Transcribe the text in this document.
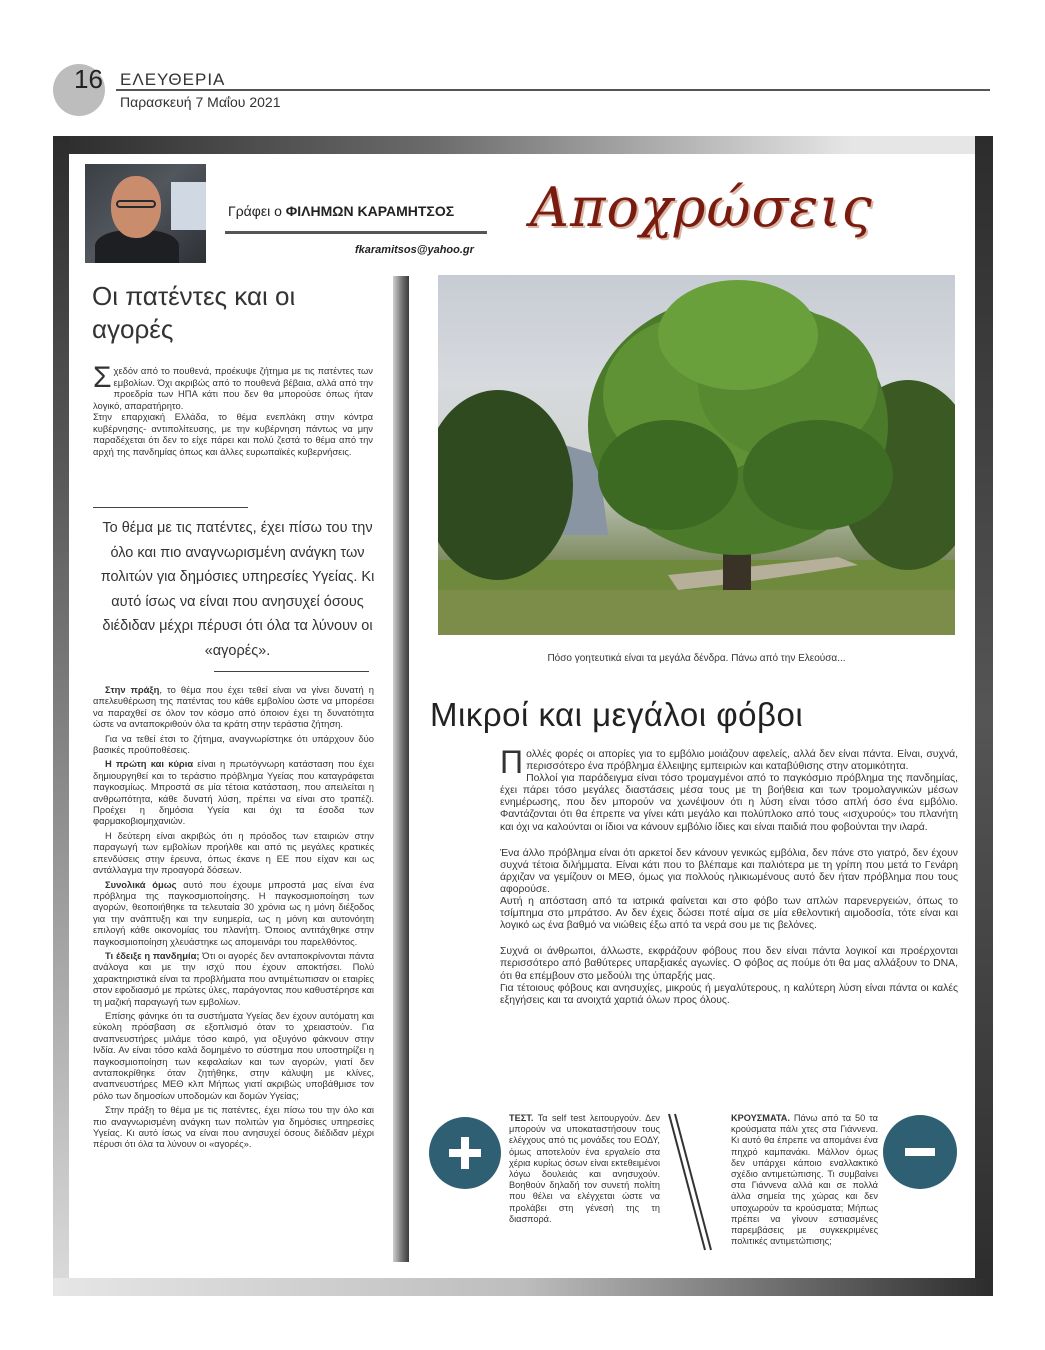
16 ΕΛΕΥΘΕΡΙΑ
Παρασκευή 7 Μαΐου 2021
Γράφει ο ΦΙΛΗΜΩΝ ΚΑΡΑΜΗΤΣΟΣ
fkaramitsos@yahoo.gr
Αποχρώσεις
Οι πατέντες και οι αγορές
Σχεδόν από το πουθενά, προέκυψε ζήτημα με τις πατέντες των εμβολίων. Όχι ακριβώς από το πουθενά βέβαια, αλλά από την προεδρία των ΗΠΑ κάτι που δεν θα μπορούσε όπως ήταν λογικό, απαρατήρητο.
Στην επαρχιακή Ελλάδα, το θέμα ενεπλάκη στην κόντρα κυβέρνησης- αντιπολίτευσης, με την κυβέρνηση πάντως να μην παραδέχεται ότι δεν το είχε πάρει και πολύ ζεστά το θέμα από την αρχή της πανδημίας όπως και άλλες ευρωπαϊκές κυβερνήσεις.
Το θέμα με τις πατέντες, έχει πίσω του την όλο και πιο αναγνωρισμένη ανάγκη των πολιτών για δημόσιες υπηρεσίες Υγείας. Κι αυτό ίσως να είναι που ανησυχεί όσους διέδιδαν μέχρι πέρυσι ότι όλα τα λύνουν οι «αγορές».

Στην πράξη, το θέμα που έχει τεθεί είναι να γίνει δυνατή η απελευθέρωση της πατέντας του κάθε εμβολίου ώστε να μπορέσει να παραχθεί σε όλον τον κόσμο από όποιον έχει τη δυνατότητα ώστε να ανταποκριθούν όλα τα κράτη στην τεράστια ζήτηση.

Για να τεθεί έτσι το ζήτημα, αναγνωρίστηκε ότι υπάρχουν δύο βασικές προϋποθέσεις.

Η πρώτη και κύρια είναι η πρωτόγνωρη κατάσταση που έχει δημιουργηθεί και το τεράστιο πρόβλημα Υγείας που καταγράφεται παγκοσμίως. Μπροστά σε μία τέτοια κατάσταση, που απειλείται η ανθρωπότητα, κάθε δυνατή λύση, πρέπει να είναι στο τραπέζι. Προέχει η δημόσια Υγεία και όχι τα έσοδα των φαρμακοβιομηχανιών.

Η δεύτερη είναι ακριβώς ότι η πρόοδος των εταιριών στην παραγωγή των εμβολίων προήλθε και από τις μεγάλες κρατικές επενδύσεις στην έρευνα, όπως έκανε η ΕΕ που είχαν και ως αντάλλαγμα την προαγορά δόσεων.

Συνολικά όμως αυτό που έχουμε μπροστά μας είναι ένα πρόβλημα της παγκοσμιοποίησης. Η παγκοσμιοποίηση των αγορών, θεοποιήθηκε τα τελευταία 30 χρόνια ως η μόνη διέξοδος για την ανάπτυξη και την ευημερία, ως η μόνη και αυτονόητη επιλογή κάθε οικονομίας του πλανήτη. Όποιος αντιτάχθηκε στην παγκοσμιοποίηση χλευάστηκε ως απομεινάρι του παρελθόντος.

Τι έδειξε η πανδημία; Ότι οι αγορές δεν ανταποκρίνονται πάντα ανάλογα και με την ισχύ που έχουν αποκτήσει. Πολύ χαρακτηριστικά είναι τα προβλήματα που αντιμέτωπισαν οι εταιρίες στον εφοδιασμό με πρώτες ύλες, παράγοντας που καθυστέρησε και τη μαζική παραγωγή των εμβολίων.

Επίσης φάνηκε ότι τα συστήματα Υγείας δεν έχουν αυτόματη και εύκολη πρόσβαση σε εξοπλισμό όταν το χρειαστούν. Για αναπνευστήρες μιλάμε τόσο καιρό, για οξυγόνο φάκνουν στην Ινδία. Αν είναι τόσο καλά δομημένο το σύστημα που υποστηρίζει η παγκοσμιοποίηση των κεφαλαίων και των αγορών, γιατί δεν ανταποκρίθηκε όταν ζητήθηκε, στην κάλυψη με κλίνες, αναπνευστήρες ΜΕΘ κλπ Μήπως γιατί ακριβώς υποβάθμισε τον ρόλο των δημοσίων υποδομών και δομών Υγείας;

Στην πράξη το θέμα με τις πατέντες, έχει πίσω του την όλο και πιο αναγνωρισμένη ανάγκη των πολιτών για δημόσιες υπηρεσίες Υγείας. Κι αυτό ίσως να είναι που ανησυχεί όσους διέδιδαν μέχρι πέρυσι ότι όλα τα λύνουν οι «αγορές».

Πόσο γοητευτικά είναι τα μεγάλα δένδρα. Πάνω από την Ελεούσα...
Μικροί και μεγάλοι φόβοι

Πολλές φορές οι απορίες για το εμβόλιο μοιάζουν αφελείς, αλλά δεν είναι πάντα. Είναι, συχνά, περισσότερο ένα πρόβλημα έλλειψης εμπειριών και καταβύθισης στην ατομικότητα.
Πολλοί για παράδειγμα είναι τόσο τρομαγμένοι από το παγκόσμιο πρόβλημα της πανδημίας, έχει πάρει τόσο μεγάλες διαστάσεις μέσα τους με τη βοήθεια και των τρομολαγνικών μέσων ενημέρωσης, που δεν μπορούν να χωνέψουν ότι η λύση είναι τόσο απλή όσο ένα εμβόλιο. Φαντάζονται ότι θα έπρεπε να γίνει κάτι μεγάλο και πολύπλοκο από τους «ισχυρούς» του πλανήτη και όχι να καλούνται οι ίδιοι να κάνουν εμβόλιο ίδιες και είναι παιδιά που φοβούνται την ιλαρά.

Ένα άλλο πρόβλημα είναι ότι αρκετοί δεν κάνουν γενικώς εμβόλια, δεν πάνε στο γιατρό, δεν έχουν συχνά τέτοια διλήμματα. Είναι κάτι που το βλέπαμε και παλιότερα με τη γρίπη που μετά το Γενάρη άρχιζαν να γεμίζουν οι ΜΕΘ, όμως για πολλούς ηλικιωμένους αυτό δεν ήταν πρόβλημα που τους αφορούσε.
Αυτή η απόσταση από τα ιατρικά φαίνεται και στο φόβο των απλών παρενεργειών, όπως το τσίμπημα στο μπράτσο. Αν δεν έχεις δώσει ποτέ αίμα σε μία εθελοντική αιμοδοσία, τότε είναι και λογικό ως ένα βαθμό να νιώθεις έξω από τα νερά σου με τις βελόνες.

Συχνά οι άνθρωποι, άλλωστε, εκφράζουν φόβους που δεν είναι πάντα λογικοί και προέρχονται περισσότερο από βαθύτερες υπαρξιακές αγωνίες. Ο φόβος ας πούμε ότι θα μας αλλάξουν το DNA, ότι θα επέμβουν στο μεδούλι της ύπαρξής μας.
Για τέτοιους φόβους και ανησυχίες, μικρούς ή μεγαλύτερους, η καλύτερη λύση είναι πάντα οι καλές εξηγήσεις και τα ανοιχτά χαρτιά όλων προς όλους.

ΤΕΣΤ. Τα self test λειτουργούν. Δεν μπορούν να υποκαταστήσουν τους ελέγχους από τις μονάδες του ΕΟΔΥ, όμως αποτελούν ένα εργαλείο στα χέρια κυρίως όσων είναι εκτεθειμένοι λόγω δουλειάς και ανησυχούν. Βοηθούν δηλαδή τον συνετή πολίτη που θέλει να ελέγχεται ώστε να προλάβει στη γένεσή της τη διασπορά.
ΚΡΟΥΣΜΑΤΑ. Πάνω από τα 50 τα κρούσματα πάλι χτες στα Γιάννενα. Κι αυτό θα έπρεπε να απομάνει ένα πηχρό καμπανάκι. Μάλλον όμως δεν υπάρχει κάποιο εναλλακτικό σχέδιο αντιμετώπισης. Τι συμβαίνει στα Γιάννενα αλλά και σε πολλά άλλα σημεία της χώρας και δεν υποχωρούν τα κρούσματα; Μήπως πρέπει να γίνουν εστιασμένες παρεμβάσεις με συγκεκριμένες πολιτικές αντιμετώπισης;
